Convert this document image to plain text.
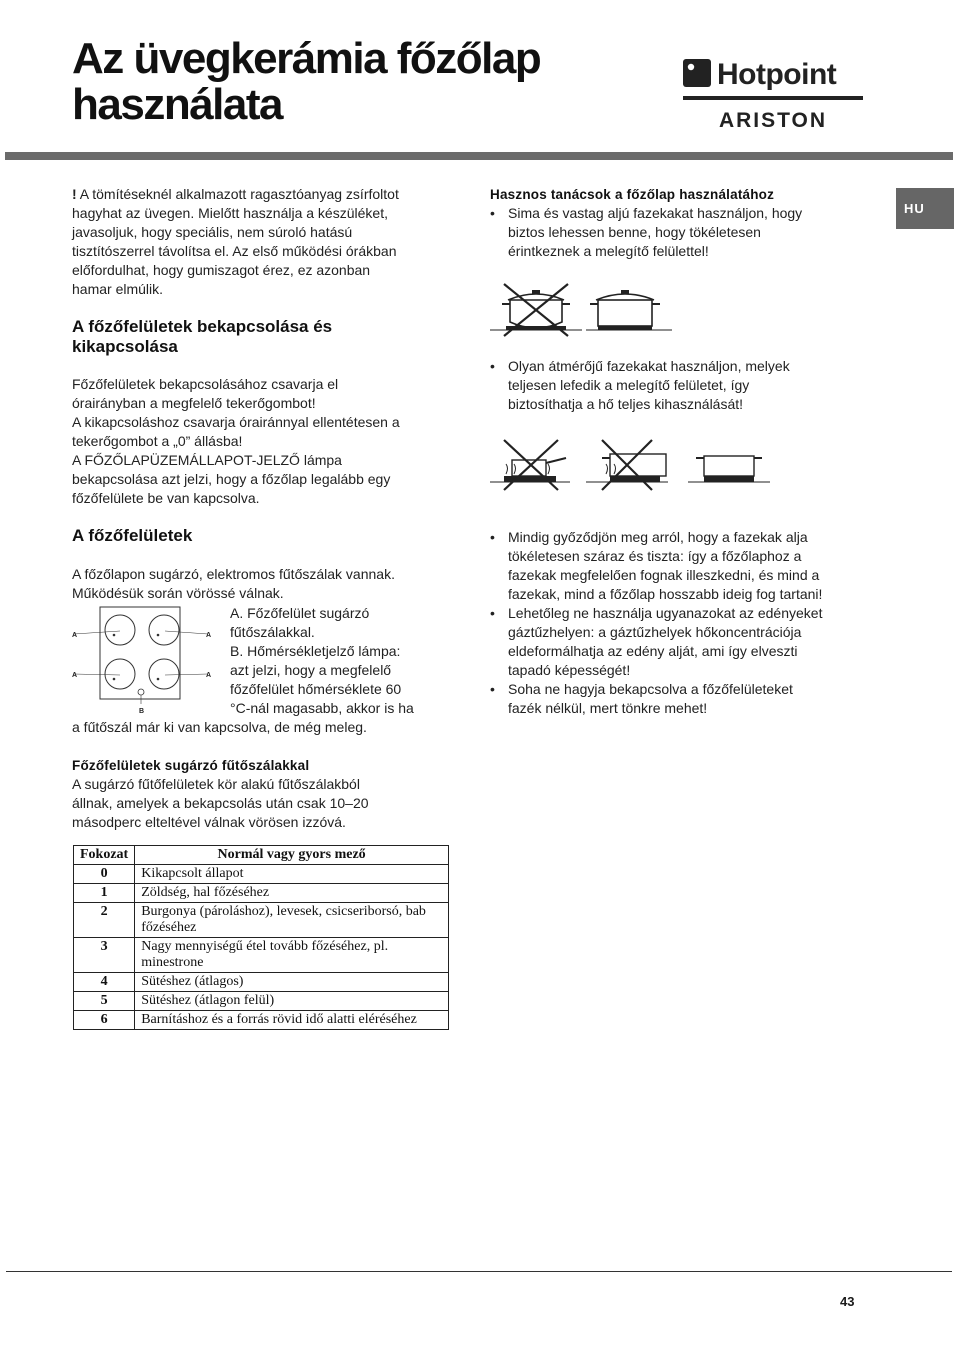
Az üvegkerámia főzőlap
használata
Hotpoint
ARISTON
HU
! A tömítéseknél alkalmazott ragasztóanyag zsírfoltot
hagyhat az üvegen. Mielőtt használja a készüléket,
javasoljuk, hogy speciális, nem súroló hatású
tisztítószerrel távolítsa el. Az első működési órákban
előfordulhat, hogy gumiszagot érez, ez azonban
hamar elmúlik.
A főzőfelületek bekapcsolása és
kikapcsolása
Főzőfelületek bekapcsolásához csavarja el
órairányban a megfelelő tekerőgombot!
A kikapcsoláshoz csavarja órairánnyal ellentétesen a
tekerőgombot a „0” állásba!
A FŐZŐLAPÜZEMÁLLAPOT-JELZŐ lámpa
bekapcsolása azt jelzi, hogy a főzőlap legalább egy
főzőfelülete be van kapcsolva.
A főzőfelületek
A főzőlapon sugárzó, elektromos fűtőszálak vannak.
Működésük során vörössé válnak.
A	A
A	A
B
A. Főzőfelület sugárzó
fűtőszálakkal.
B. Hőmérsékletjelző lámpa:
azt jelzi, hogy a megfelelő
főzőfelület hőmérséklete 60
°C-nál magasabb, akkor is ha
a fűtőszál már ki van kapcsolva, de még meleg.
Főzőfelületek sugárzó fűtőszálakkal
A sugárzó fűtőfelületek kör alakú fűtőszálakból
állnak, amelyek a bekapcsolás után csak 10–20
másodperc elteltével válnak vörösen izzóvá.
Fokozat	Normál vagy gyors mező
0	Kikapcsolt állapot
1	Zöldség, hal főzéséhez
2	Burgonya (pároláshoz), levesek, csicseriborsó, bab főzéséhez
3	Nagy mennyiségű étel tovább főzéséhez, pl. minestrone
4	Sütéshez (átlagos)
5	Sütéshez (átlagon felül)
6	Barnításhoz és a forrás rövid idő alatti eléréséhez
Hasznos tanácsok a főzőlap használatához
• Sima és vastag aljú fazekakat használjon, hogy
biztos lehessen benne, hogy tökéletesen
érintkeznek a melegítő felülettel!
• Olyan átmérőjű fazekakat használjon, melyek
teljesen lefedik a melegítő felületet, így
biztosíthatja a hő teljes kihasználását!
• Mindig győződjön meg arról, hogy a fazekak alja
tökéletesen száraz és tiszta: így a főzőlaphoz a
fazekak megfelelően fognak illeszkedni, és mind a
fazekak, mind a főzőlap hosszabb ideig fog tartani!
• Lehetőleg ne használja ugyanazokat az edényeket
gáztűzhelyen: a gáztűzhelyek hőkoncentrációja
eldeformálhatja az edény alját, ami így elveszti
tapadó képességét!
• Soha ne hagyja bekapcsolva a főzőfelületeket
fazék nélkül, mert tönkre mehet!
43
